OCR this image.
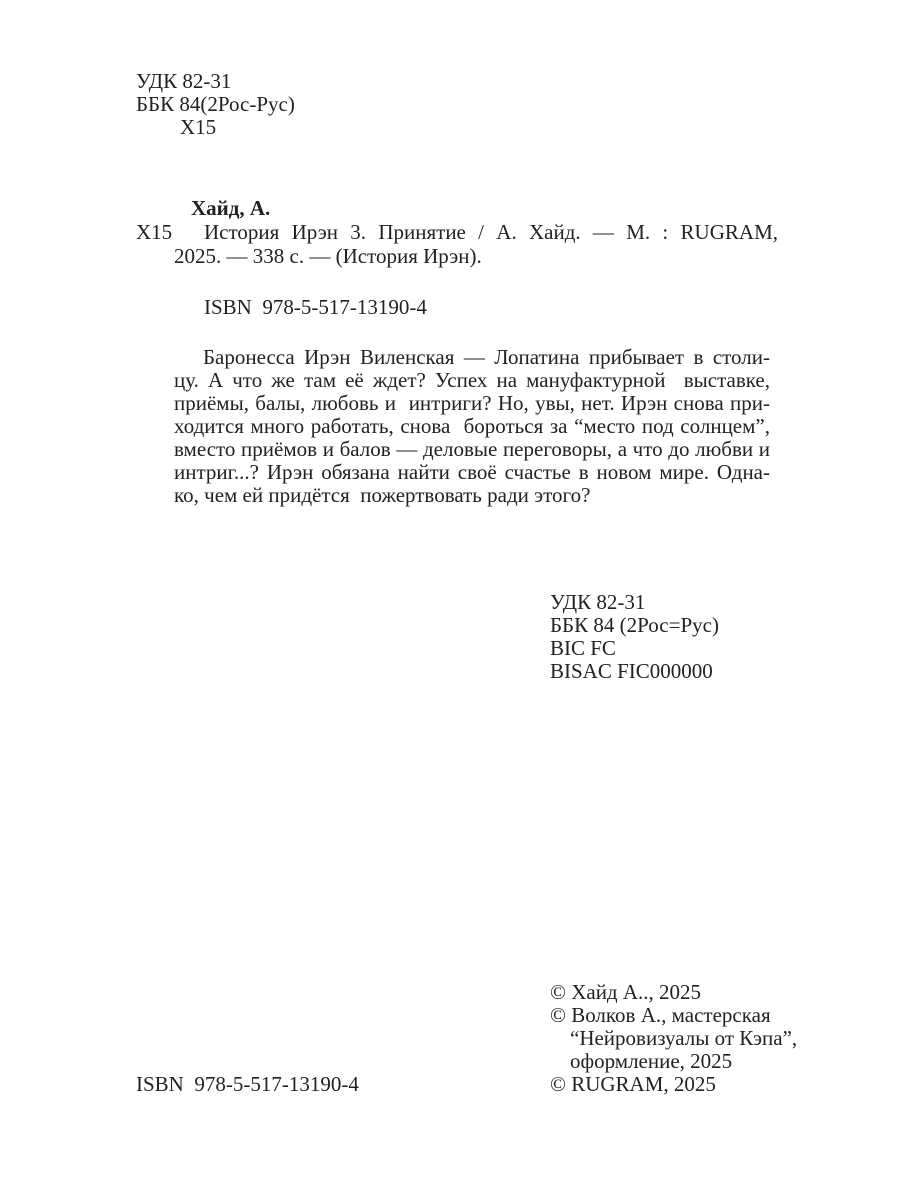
УДК 82-31
ББК 84(2Рос-Рус)
Х15
Хайд, А.
Х15 История Ирэн 3. Принятие / А. Хайд. — М. : RUGRAM,
2025. — 338 с. — (История Ирэн).
ISBN  978-5-517-13190-4
Баронесса Ирэн Виленская — Лопатина прибывает в столи-
цу. А что же там её ждет? Успех на мануфактурной  выставке,
приёмы, балы, любовь и  интриги? Но, увы, нет. Ирэн снова при-
ходится много работать, снова  бороться за “место под солнцем”,
вместо приёмов и балов — деловые переговоры, а что до любви и
интриг...? Ирэн обязана найти своё счастье в новом мире. Одна-
ко, чем ей придётся  пожертвовать ради этого?
УДК 82-31
ББК 84 (2Рос=Рус)
BIC FC
BISAC FIC000000
© Хайд А.., 2025
© Волков А., мастерская
“Нейровизуалы от Кэпа”,
оформление, 2025
© RUGRAM, 2025
ISBN  978-5-517-13190-4
